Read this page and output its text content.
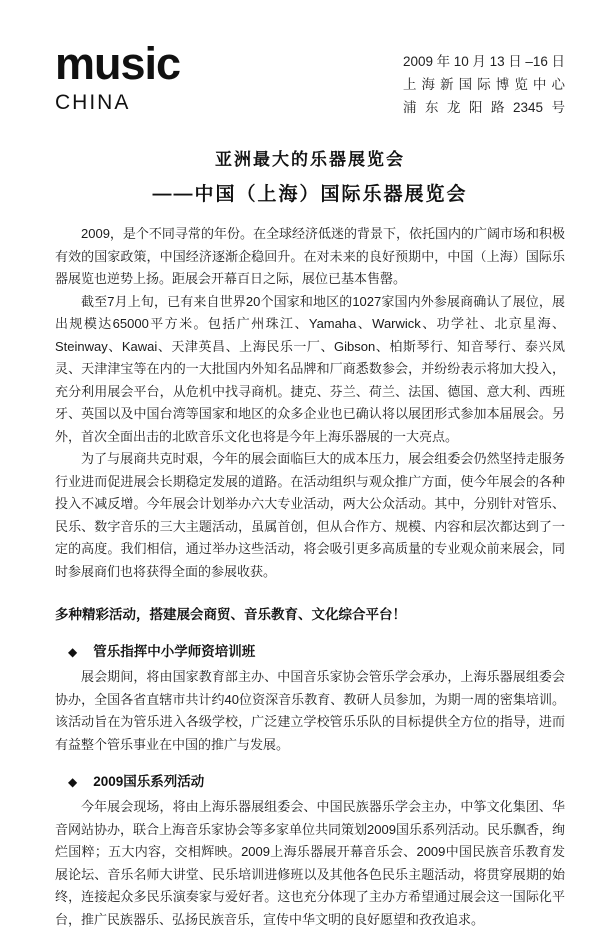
music
CHINA
2009年10月13日–16日
上海新国际博览中心
浦东龙阳路2345号
亚洲最大的乐器展览会
——中国（上海）国际乐器展览会

2009，是个不同寻常的年份。在全球经济低迷的背景下，依托国内的广阔市场和积极有效的国家政策，中国经济逐渐企稳回升。在对未来的良好预期中，中国（上海）国际乐器展览也逆势上扬。距展会开幕百日之际，展位已基本售罄。

截至7月上旬，已有来自世界20个国家和地区的1027家国内外参展商确认了展位，展出规模达65000平方米。包括广州珠江、Yamaha、Warwick、功学社、北京星海、Steinway、Kawai、天津英昌、上海民乐一厂、Gibson、柏斯琴行、知音琴行、泰兴凤灵、天津津宝等在内的一大批国内外知名品牌和厂商悉数参会，并纷纷表示将加大投入，充分利用展会平台，从危机中找寻商机。捷克、芬兰、荷兰、法国、德国、意大利、西班牙、英国以及中国台湾等国家和地区的众多企业也已确认将以展团形式参加本届展会。另外，首次全面出击的北欧音乐文化也将是今年上海乐器展的一大亮点。

为了与展商共克时艰，今年的展会面临巨大的成本压力，展会组委会仍然坚持走服务行业进而促进展会长期稳定发展的道路。在活动组织与观众推广方面，使今年展会的各种投入不减反增。今年展会计划举办六大专业活动，两大公众活动。其中，分别针对管乐、民乐、数字音乐的三大主题活动，虽属首创，但从合作方、规模、内容和层次都达到了一定的高度。我们相信，通过举办这些活动，将会吸引更多高质量的专业观众前来展会，同时参展商们也将获得全面的参展收获。

多种精彩活动，搭建展会商贸、音乐教育、文化综合平台！
◆ 管乐指挥中小学师资培训班

展会期间，将由国家教育部主办、中国音乐家协会管乐学会承办，上海乐器展组委会协办，全国各省直辖市共计约40位资深音乐教育、教研人员参加，为期一周的密集培训。该活动旨在为管乐进入各级学校，广泛建立学校管乐乐队的目标提供全方位的指导，进而有益整个管乐事业在中国的推广与发展。

◆ 2009国乐系列活动

今年展会现场，将由上海乐器展组委会、中国民族器乐学会主办，中筝文化集团、华音网站协办，联合上海音乐家协会等多家单位共同策划2009国乐系列活动。民乐飘香，绚烂国粹；五大内容，交相辉映。2009上海乐器展开幕音乐会、2009中国民族音乐教育发展论坛、音乐名师大讲堂、民乐培训进修班以及其他各色民乐主题活动，将贯穿展期的始终，连接起众多民乐演奏家与爱好者。这也充分体现了主办方希望通过展会这一国际化平台，推广民族器乐、弘扬民族音乐，宣传中华文明的良好愿望和孜孜追求。
